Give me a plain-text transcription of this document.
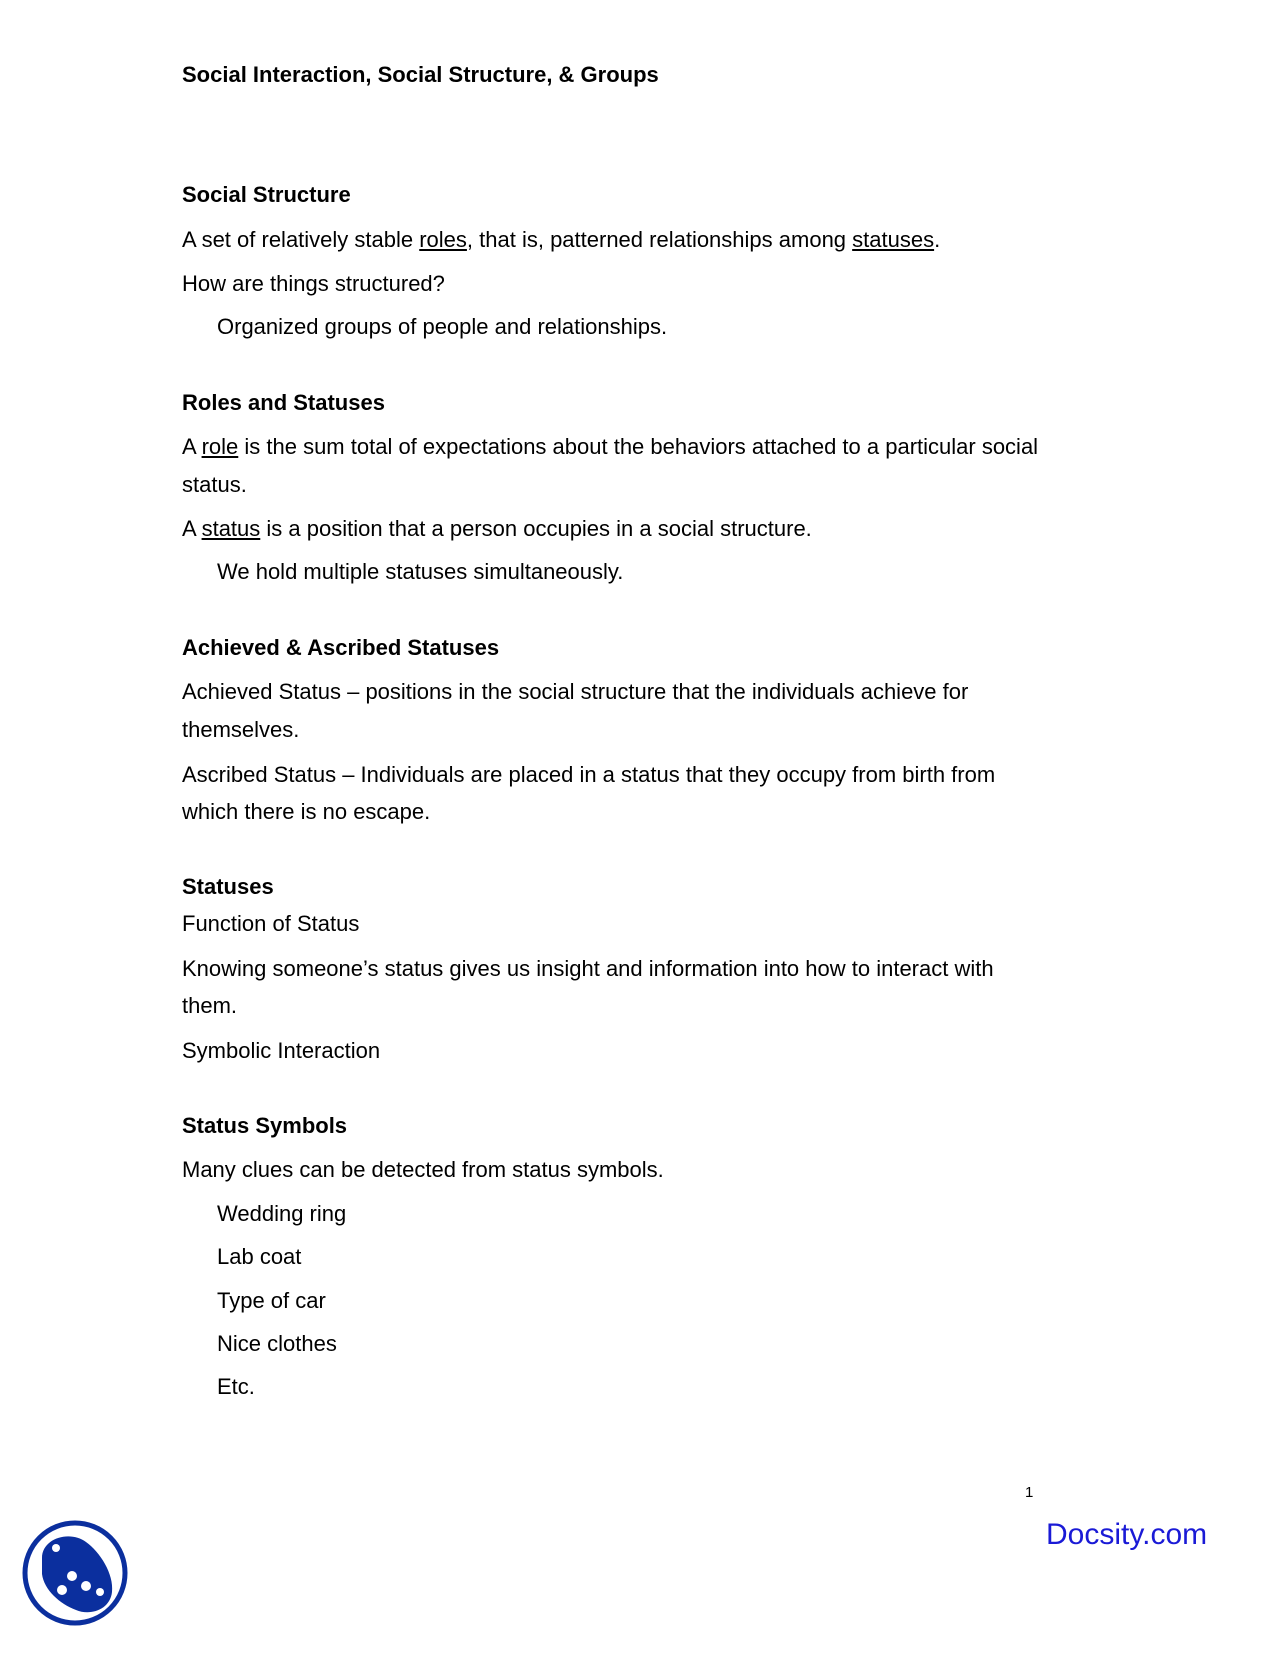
Social Interaction, Social Structure, & Groups
Social Structure
A set of relatively stable roles, that is, patterned relationships among statuses.
How are things structured?
Organized groups of people and relationships.
Roles and Statuses
A role is the sum total of expectations about the behaviors attached to a particular social
status.
A status is a position that a person occupies in a social structure.
We hold multiple statuses simultaneously.
Achieved & Ascribed Statuses
Achieved Status – positions in the social structure that the individuals achieve for
themselves.
Ascribed Status – Individuals are placed in a status that they occupy from birth from
which there is no escape.
Statuses
Function of Status
Knowing someone’s status gives us insight and information into how to interact with
them.
Symbolic Interaction
Status Symbols
Many clues can be detected from status symbols.
Wedding ring
Lab coat
Type of car
Nice clothes
Etc.
1
Docsity.com
